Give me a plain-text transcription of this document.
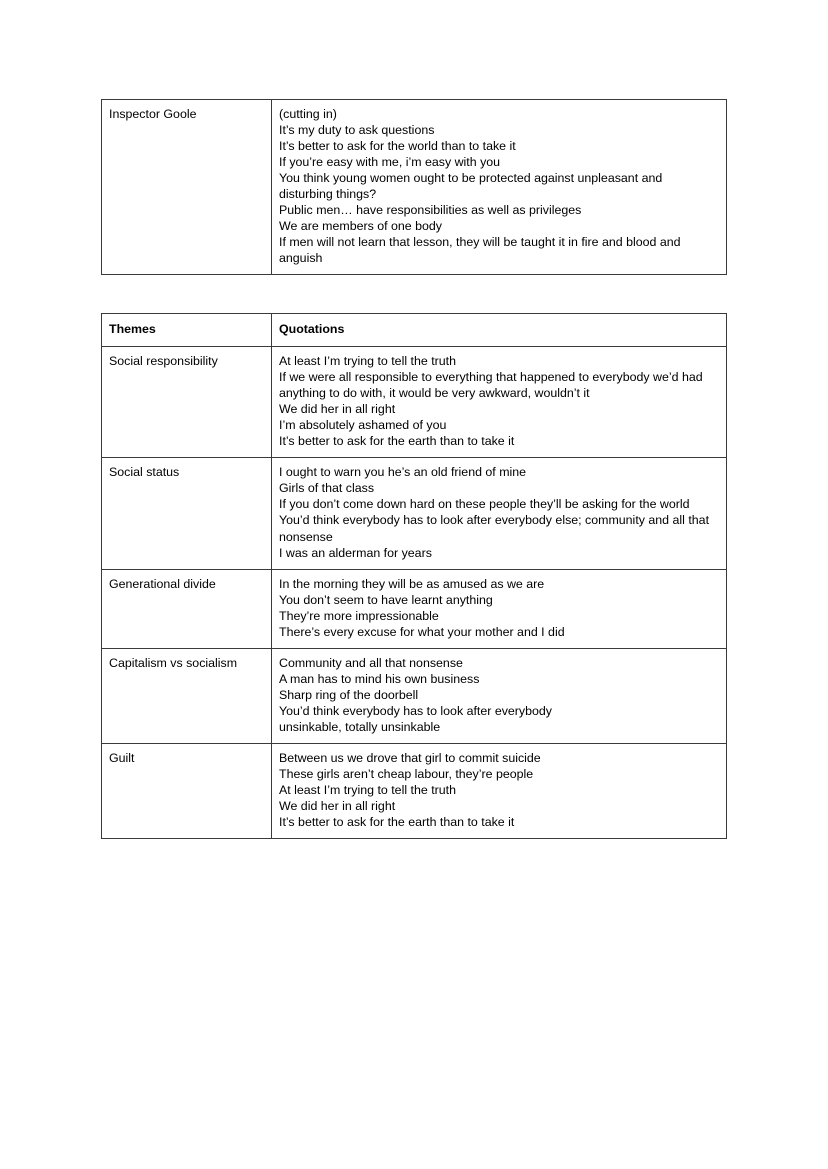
Inspector Goole	(cutting in)
It’s my duty to ask questions
It’s better to ask for the world than to take it
If you’re easy with me, i’m easy with you
You think young women ought to be protected against unpleasant and disturbing things?
Public men… have responsibilities as well as privileges
We are members of one body
If men will not learn that lesson, they will be taught it in fire and blood and anguish
Themes	Quotations
Social responsibility	At least I’m trying to tell the truth
If we were all responsible to everything that happened to everybody we’d had anything to do with, it would be very awkward, wouldn’t it
We did her in all right
I’m absolutely ashamed of you
It’s better to ask for the earth than to take it

Social status	I ought to warn you he’s an old friend of mine
Girls of that class
If you don’t come down hard on these people they’ll be asking for the world
You’d think everybody has to look after everybody else; community and all that nonsense
I was an alderman for years

Generational divide	In the morning they will be as amused as we are
You don’t seem to have learnt anything
They’re more impressionable
There’s every excuse for what your mother and I did

Capitalism vs socialism	Community and all that nonsense
A man has to mind his own business
Sharp ring of the doorbell
You’d think everybody has to look after everybody
unsinkable, totally unsinkable

Guilt	Between us we drove that girl to commit suicide
These girls aren’t cheap labour, they’re people
At least I’m trying to tell the truth
We did her in all right
It’s better to ask for the earth than to take it
